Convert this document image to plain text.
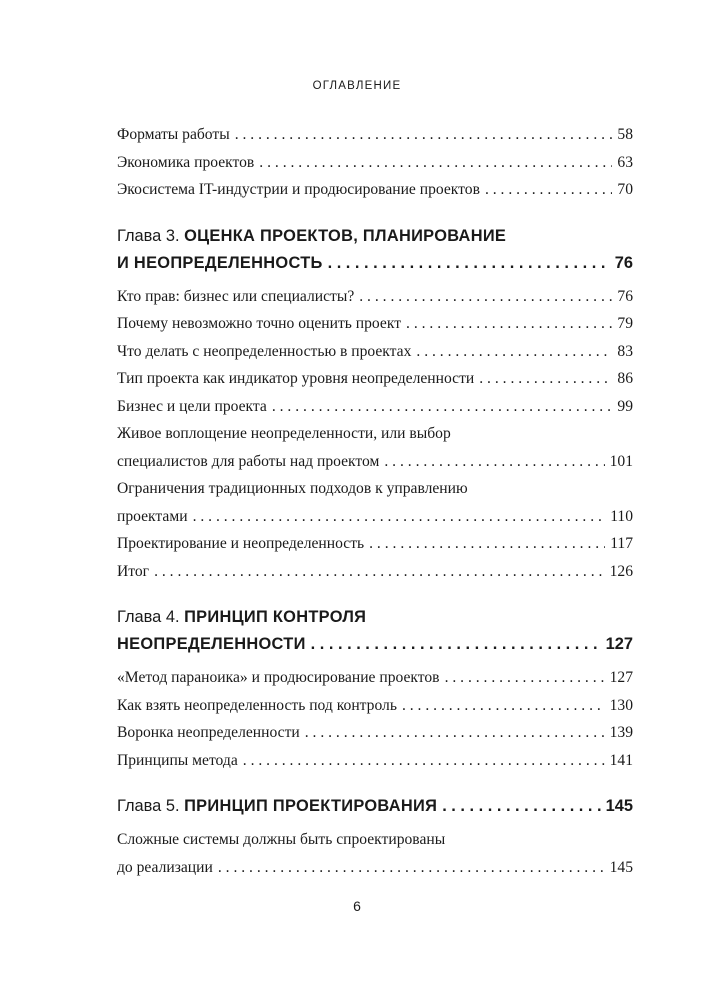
ОГЛАВЛЕНИЕ
Форматы работы . . .	58
Экономика проектов . . .	63
Экосистема IT-индустрии и продюсирование проектов . . .	70
Глава 3. ОЦЕНКА ПРОЕКТОВ, ПЛАНИРОВАНИЕ
И НЕОПРЕДЕЛЕННОСТЬ . . .	76
Кто прав: бизнес или специалисты? . . .	76
Почему невозможно точно оценить проект . . .	79
Что делать с неопределенностью в проектах . . .	83
Тип проекта как индикатор уровня неопределенности . . .	86
Бизнес и цели проекта . . .	99
Живое воплощение неопределенности, или выбор
специалистов для работы над проектом . . .	101
Ограничения традиционных подходов к управлению
проектами . . .	110
Проектирование и неопределенность . . .	117
Итог . . .	126
Глава 4. ПРИНЦИП КОНТРОЛЯ
НЕОПРЕДЕЛЕННОСТИ . . .	127
«Метод параноика» и продюсирование проектов . . .	127
Как взять неопределенность под контроль . . .	130
Воронка неопределенности . . .	139
Принципы метода . . .	141
Глава 5. ПРИНЦИП ПРОЕКТИРОВАНИЯ . . .	145
Сложные системы должны быть спроектированы
до реализации . . .	145
6
